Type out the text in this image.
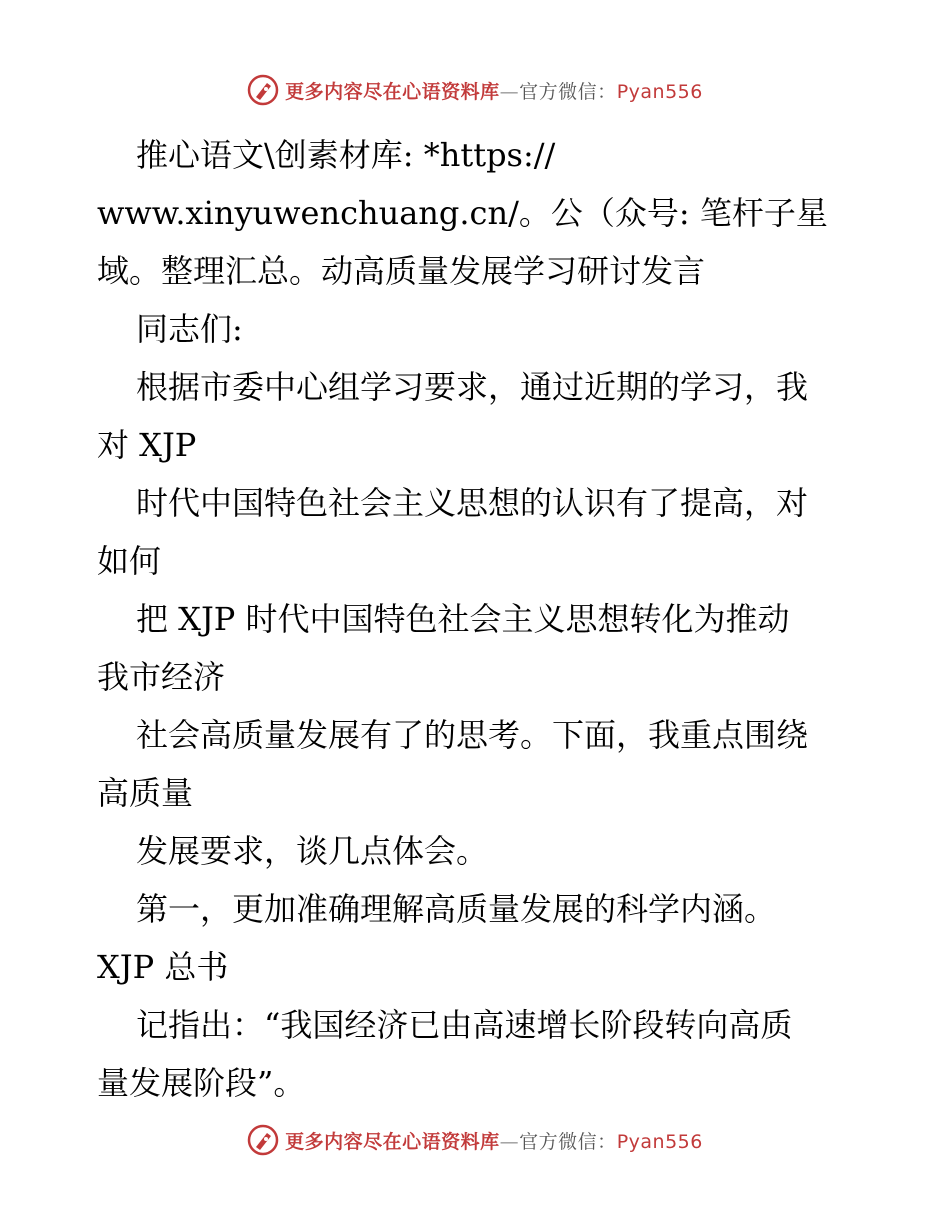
更多内容尽在心语资料库—官方微信：Pyan556
推心语文\创素材库: *https://
www.xinyuwenchuang.cn/。公（众号: 笔杆子星
域。整理汇总。动高质量发展学习研讨发言
同志们:
根据市委中心组学习要求，通过近期的学习，我
对 XJP
时代中国特色社会主义思想的认识有了提高，对
如何
把 XJP 时代中国特色社会主义思想转化为推动
我市经济
社会高质量发展有了的思考。下面，我重点围绕
高质量
发展要求，谈几点体会。
第一，更加准确理解高质量发展的科学内涵。
XJP 总书
记指出：“我国经济已由高速增长阶段转向高质
量发展阶段”。
更多内容尽在心语资料库—官方微信：Pyan556
